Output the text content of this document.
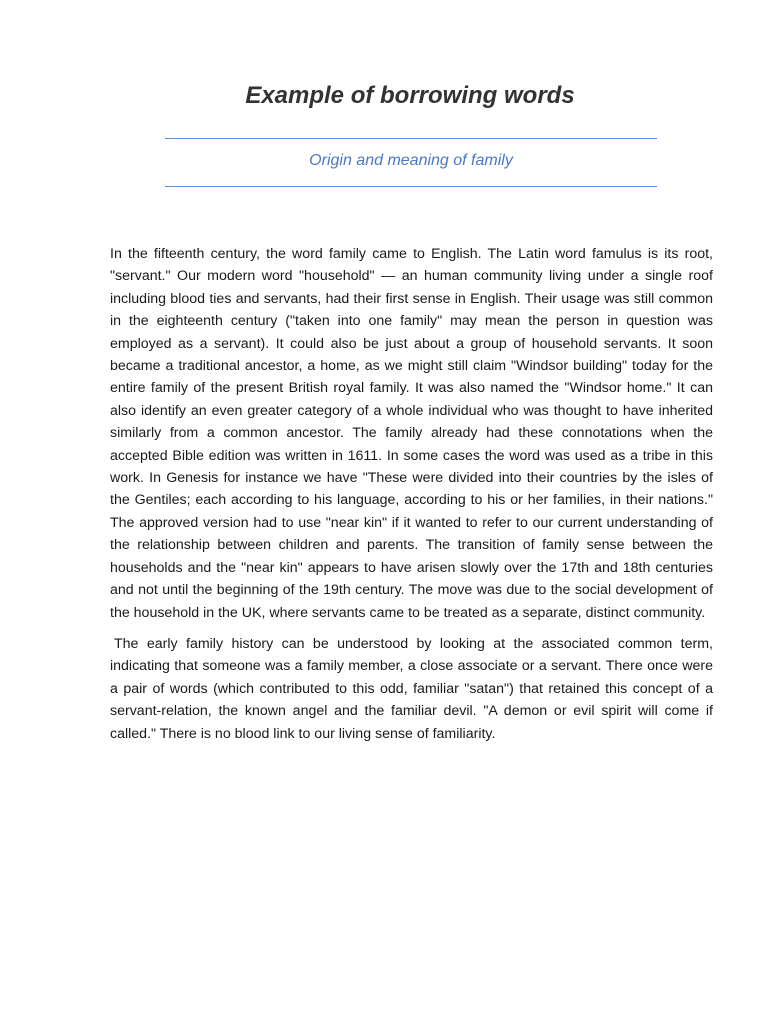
Example of borrowing words

Origin and meaning of family

In the fifteenth century, the word family came to English. The Latin word famulus is its root, "servant." Our modern word "household" — an human community living under a single roof including blood ties and servants, had their first sense in English. Their usage was still common in the eighteenth century ("taken into one family" may mean the person in question was employed as a servant). It could also be just about a group of household servants. It soon became a traditional ancestor, a home, as we might still claim "Windsor building" today for the entire family of the present British royal family. It was also named the "Windsor home." It can also identify an even greater category of a whole individual who was thought to have inherited similarly from a common ancestor. The family already had these connotations when the accepted Bible edition was written in 1611. In some cases the word was used as a tribe in this work. In Genesis for instance we have "These were divided into their countries by the isles of the Gentiles; each according to his language, according to his or her families, in their nations." The approved version had to use "near kin" if it wanted to refer to our current understanding of the relationship between children and parents. The transition of family sense between the households and the "near kin" appears to have arisen slowly over the 17th and 18th centuries and not until the beginning of the 19th century. The move was due to the social development of the household in the UK, where servants came to be treated as a separate, distinct community.

The early family history can be understood by looking at the associated common term, indicating that someone was a family member, a close associate or a servant. There once were a pair of words (which contributed to this odd, familiar "satan") that retained this concept of a servant-relation, the known angel and the familiar devil. "A demon or evil spirit will come if called." There is no blood link to our living sense of familiarity.
